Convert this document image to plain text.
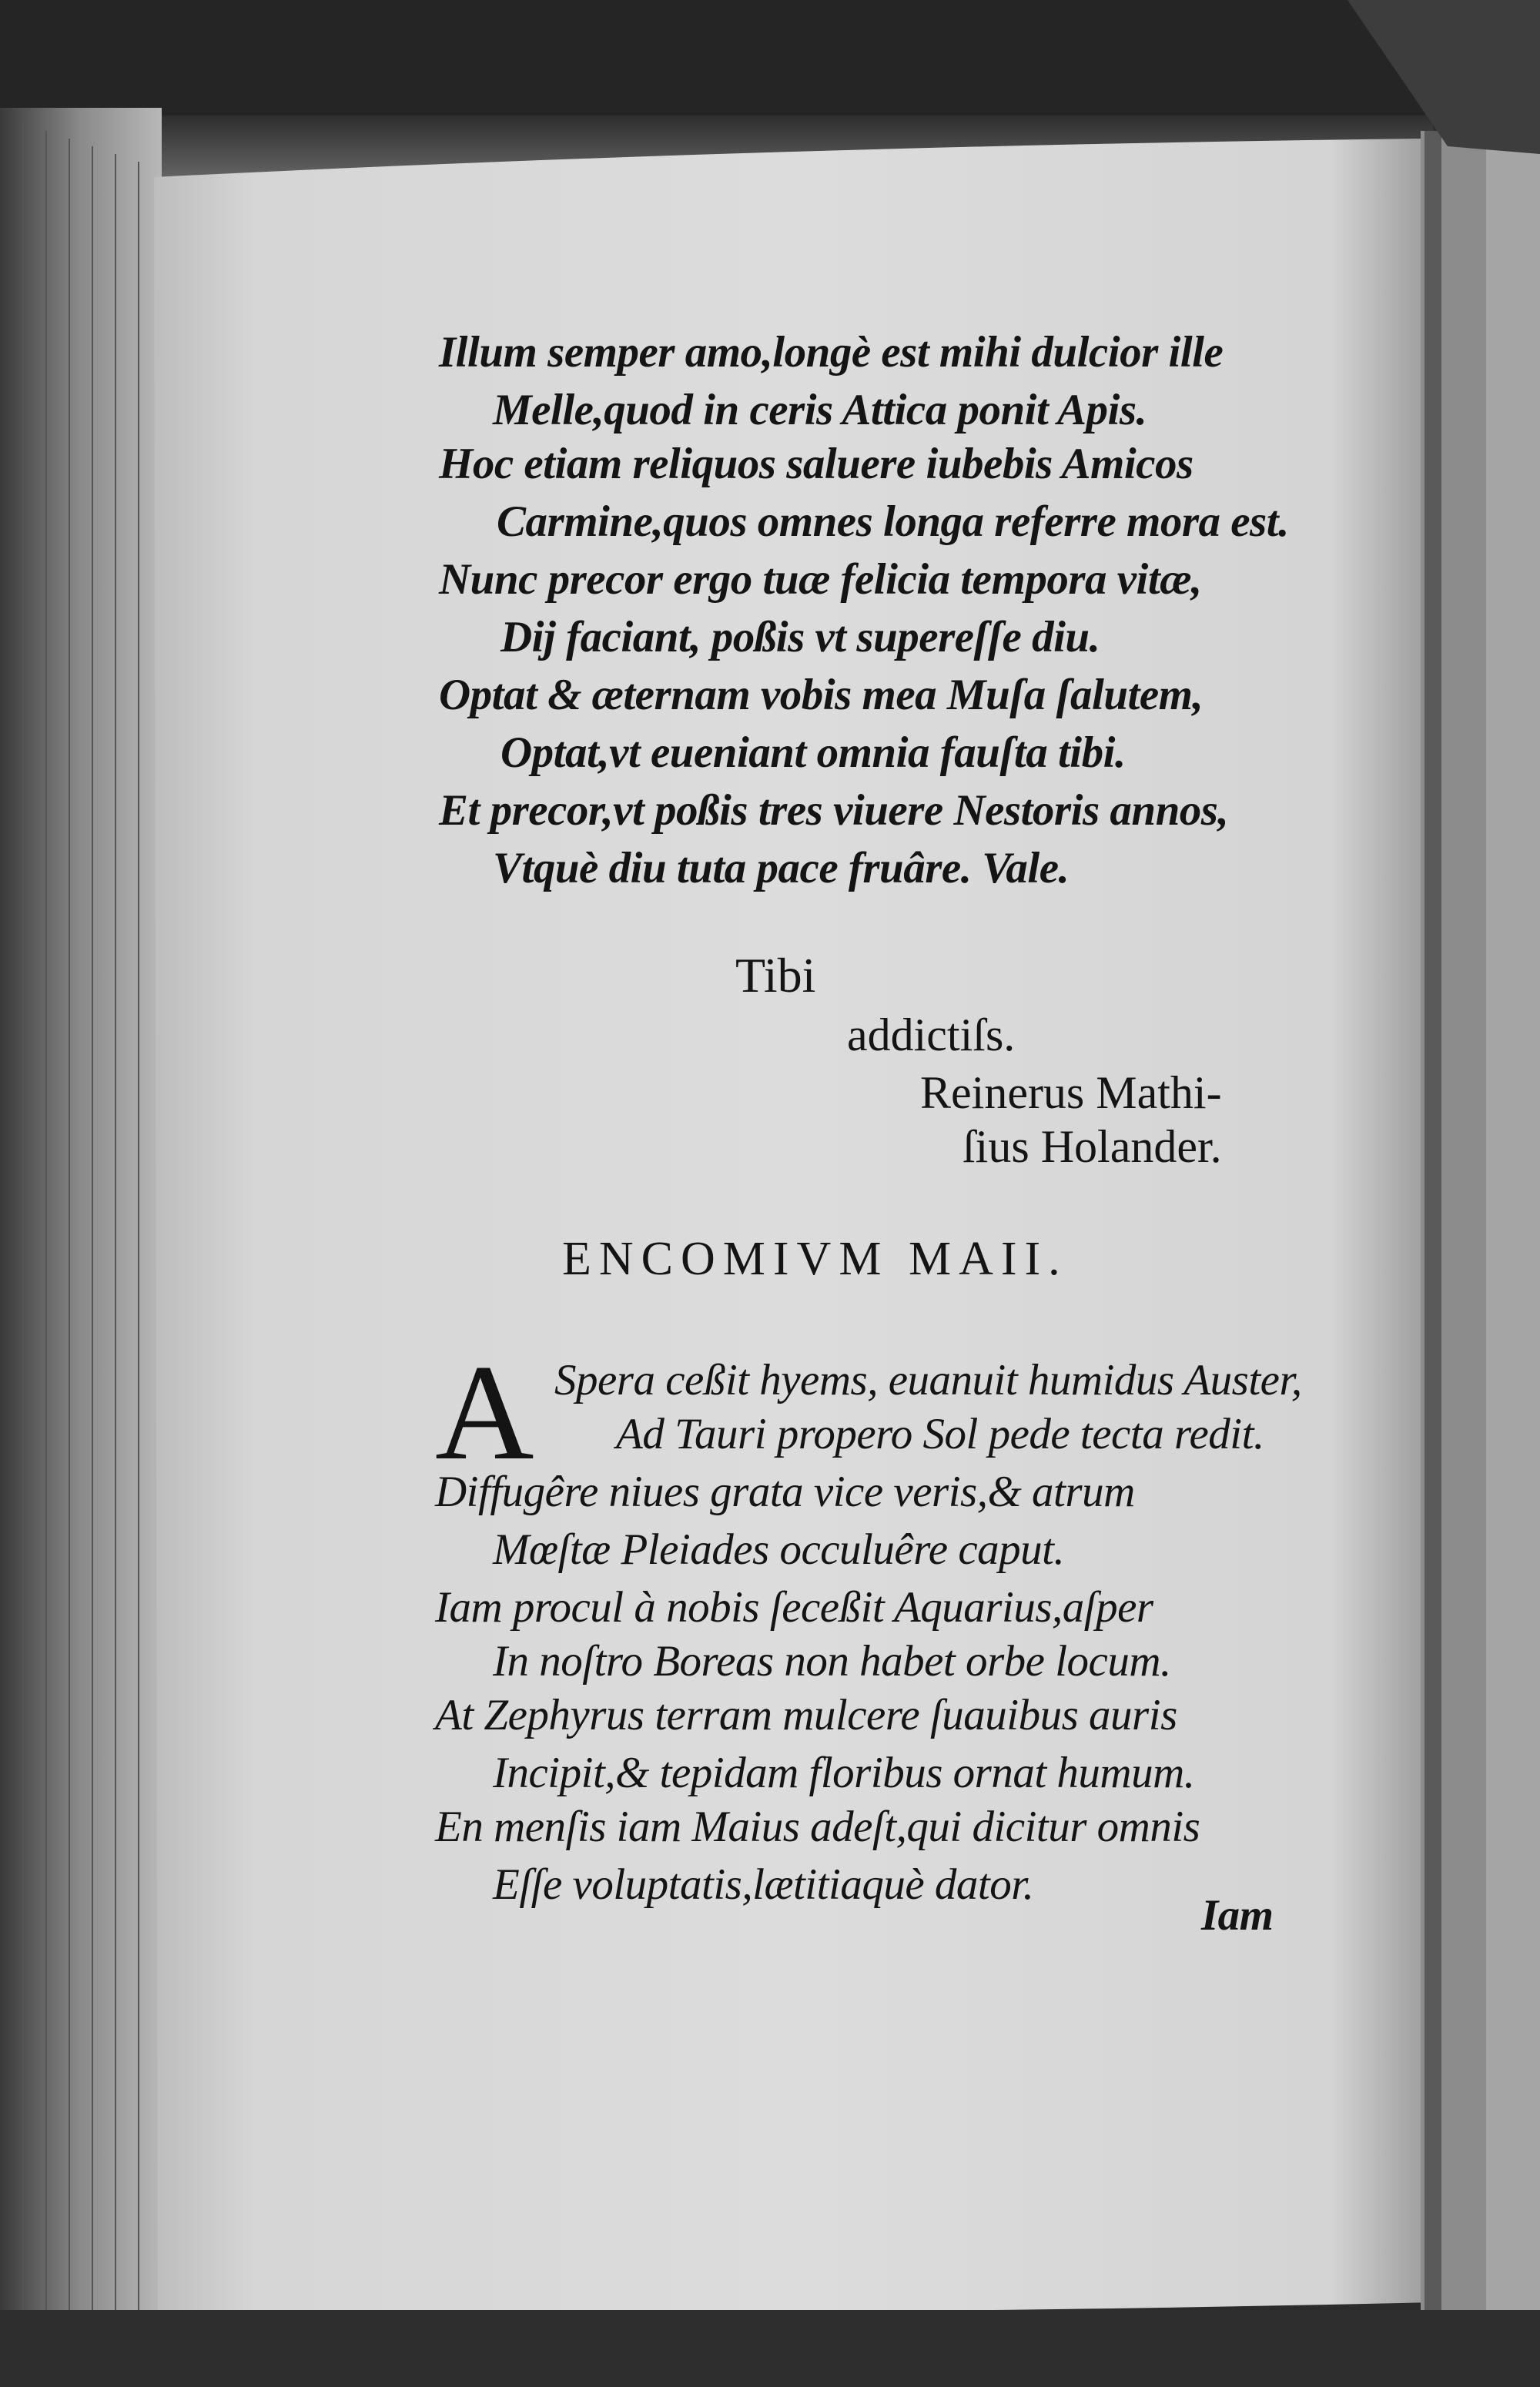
Illum semper amo,longè est mihi dulcior ille

Melle,quod in ceris Attica ponit Apis.

Hoc etiam reliquos saluere iubebis Amicos

Carmine,quos omnes longa referre mora est.

Nunc precor ergo tuæ felicia tempora vitæ,

Dij faciant, poßis vt supereſſe diu.

Optat & æternam vobis mea Muſa ſalutem,

Optat,vt eueniant omnia fauſta tibi.

Et precor,vt poßis tres viuere Nestoris annos,

Vtquè diu tuta pace fruâre. Vale.

Tibi

addictiſs.

Reinerus Mathi-

ſius Holander.

ENCOMIVM MAII.

A Spera ceßit hyems, euanuit humidus Auster,

Ad Tauri propero Sol pede tecta redit.

Diffugêre niues grata vice veris,& atrum

Mœſtæ Pleiades occuluêre caput.

Iam procul à nobis ſeceßit Aquarius,aſper

In noſtro Boreas non habet orbe locum.

At Zephyrus terram mulcere ſuauibus auris

Incipit,& tepidam floribus ornat humum.

En menſis iam Maius adeſt,qui dicitur omnis

Eſſe voluptatis,lætitiaquè dator.

Iam
